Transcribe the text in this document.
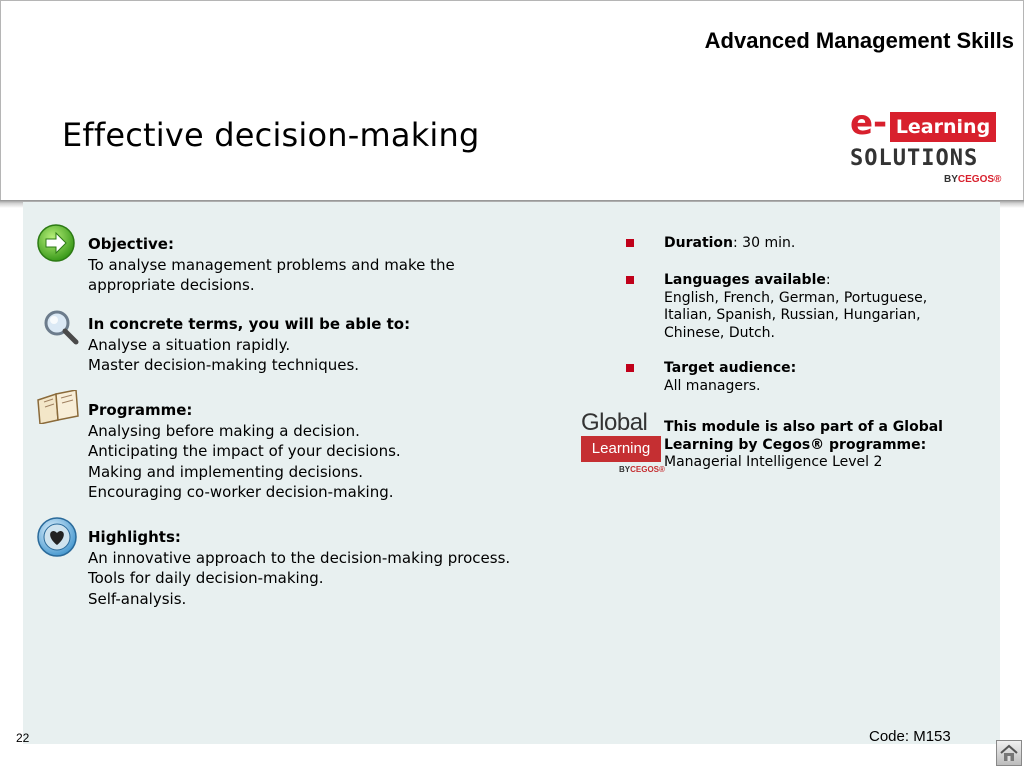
Advanced Management Skills
Effective decision-making	e- Learning
SOLUTIONS
BYCEGOS®
Objective:
To analyse management problems and make the
appropriate decisions.
In concrete terms, you will be able to:
Analyse a situation rapidly.
Master decision-making techniques.
Programme:
Analysing before making a decision.
Anticipating the impact of your decisions.
Making and implementing decisions.
Encouraging co-worker decision-making.
Highlights:
An innovative approach to the decision-making process.
Tools for daily decision-making.
Self-analysis.
Duration: 30 min.
Languages available:
English, French, German, Portuguese,
Italian, Spanish, Russian, Hungarian,
Chinese, Dutch.
Target audience:
All managers.
Global
Learning
BYCEGOS®
This module is also part of a Global
Learning by Cegos® programme:
Managerial Intelligence Level 2
22	Code: M153
